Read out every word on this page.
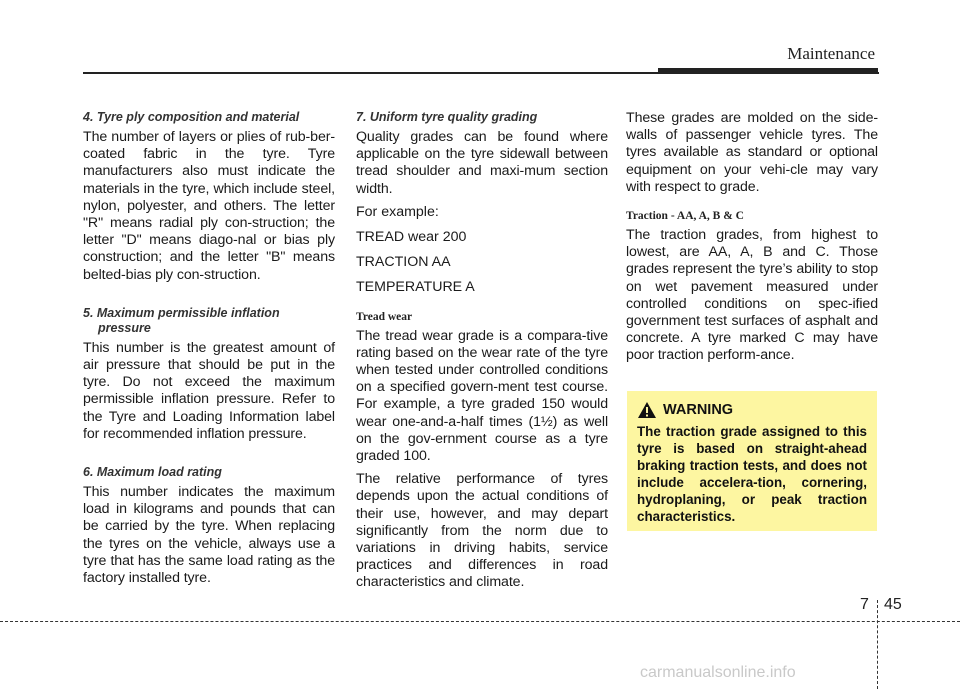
Maintenance

4. Tyre ply composition and material

The number of layers or plies of rub-ber-coated fabric in the tyre. Tyre manufacturers also must indicate the materials in the tyre, which include steel, nylon, polyester, and others. The letter "R" means radial ply con-struction; the letter "D" means diago-nal or bias ply construction; and the letter "B" means belted-bias ply con-struction.

5. Maximum permissible inflation pressure

This number is the greatest amount of air pressure that should be put in the tyre. Do not exceed the maximum permissible inflation pressure. Refer to the Tyre and Loading Information label for recommended inflation pressure.

6. Maximum load rating

This number indicates the maximum load in kilograms and pounds that can be carried by the tyre. When replacing the tyres on the vehicle, always use a tyre that has the same load rating as the factory installed tyre.

7. Uniform tyre quality grading

Quality grades can be found where applicable on the tyre sidewall between tread shoulder and maxi-mum section width.

For example:

TREAD wear 200

TRACTION AA

TEMPERATURE A

Tread wear

The tread wear grade is a compara-tive rating based on the wear rate of the tyre when tested under controlled conditions on a specified govern-ment test course. For example, a tyre graded 150 would wear one-and-a-half times (1½) as well on the gov-ernment course as a tyre graded 100.

The relative performance of tyres depends upon the actual conditions of their use, however, and may depart significantly from the norm due to variations in driving habits, service practices and differences in road characteristics and climate.

These grades are molded on the side-walls of passenger vehicle tyres. The tyres available as standard or optional equipment on your vehi-cle may vary with respect to grade.

Traction - AA, A, B & C

The traction grades, from highest to lowest, are AA, A, B and C. Those grades represent the tyre’s ability to stop on wet pavement measured under controlled conditions on spec-ified government test surfaces of asphalt and concrete. A tyre marked C may have poor traction perform-ance.

WARNING
The traction grade assigned to this tyre is based on straight-ahead braking traction tests, and does not include accelera-tion, cornering, hydroplaning, or peak traction characteristics.
7 45
carmanualsonline.info
